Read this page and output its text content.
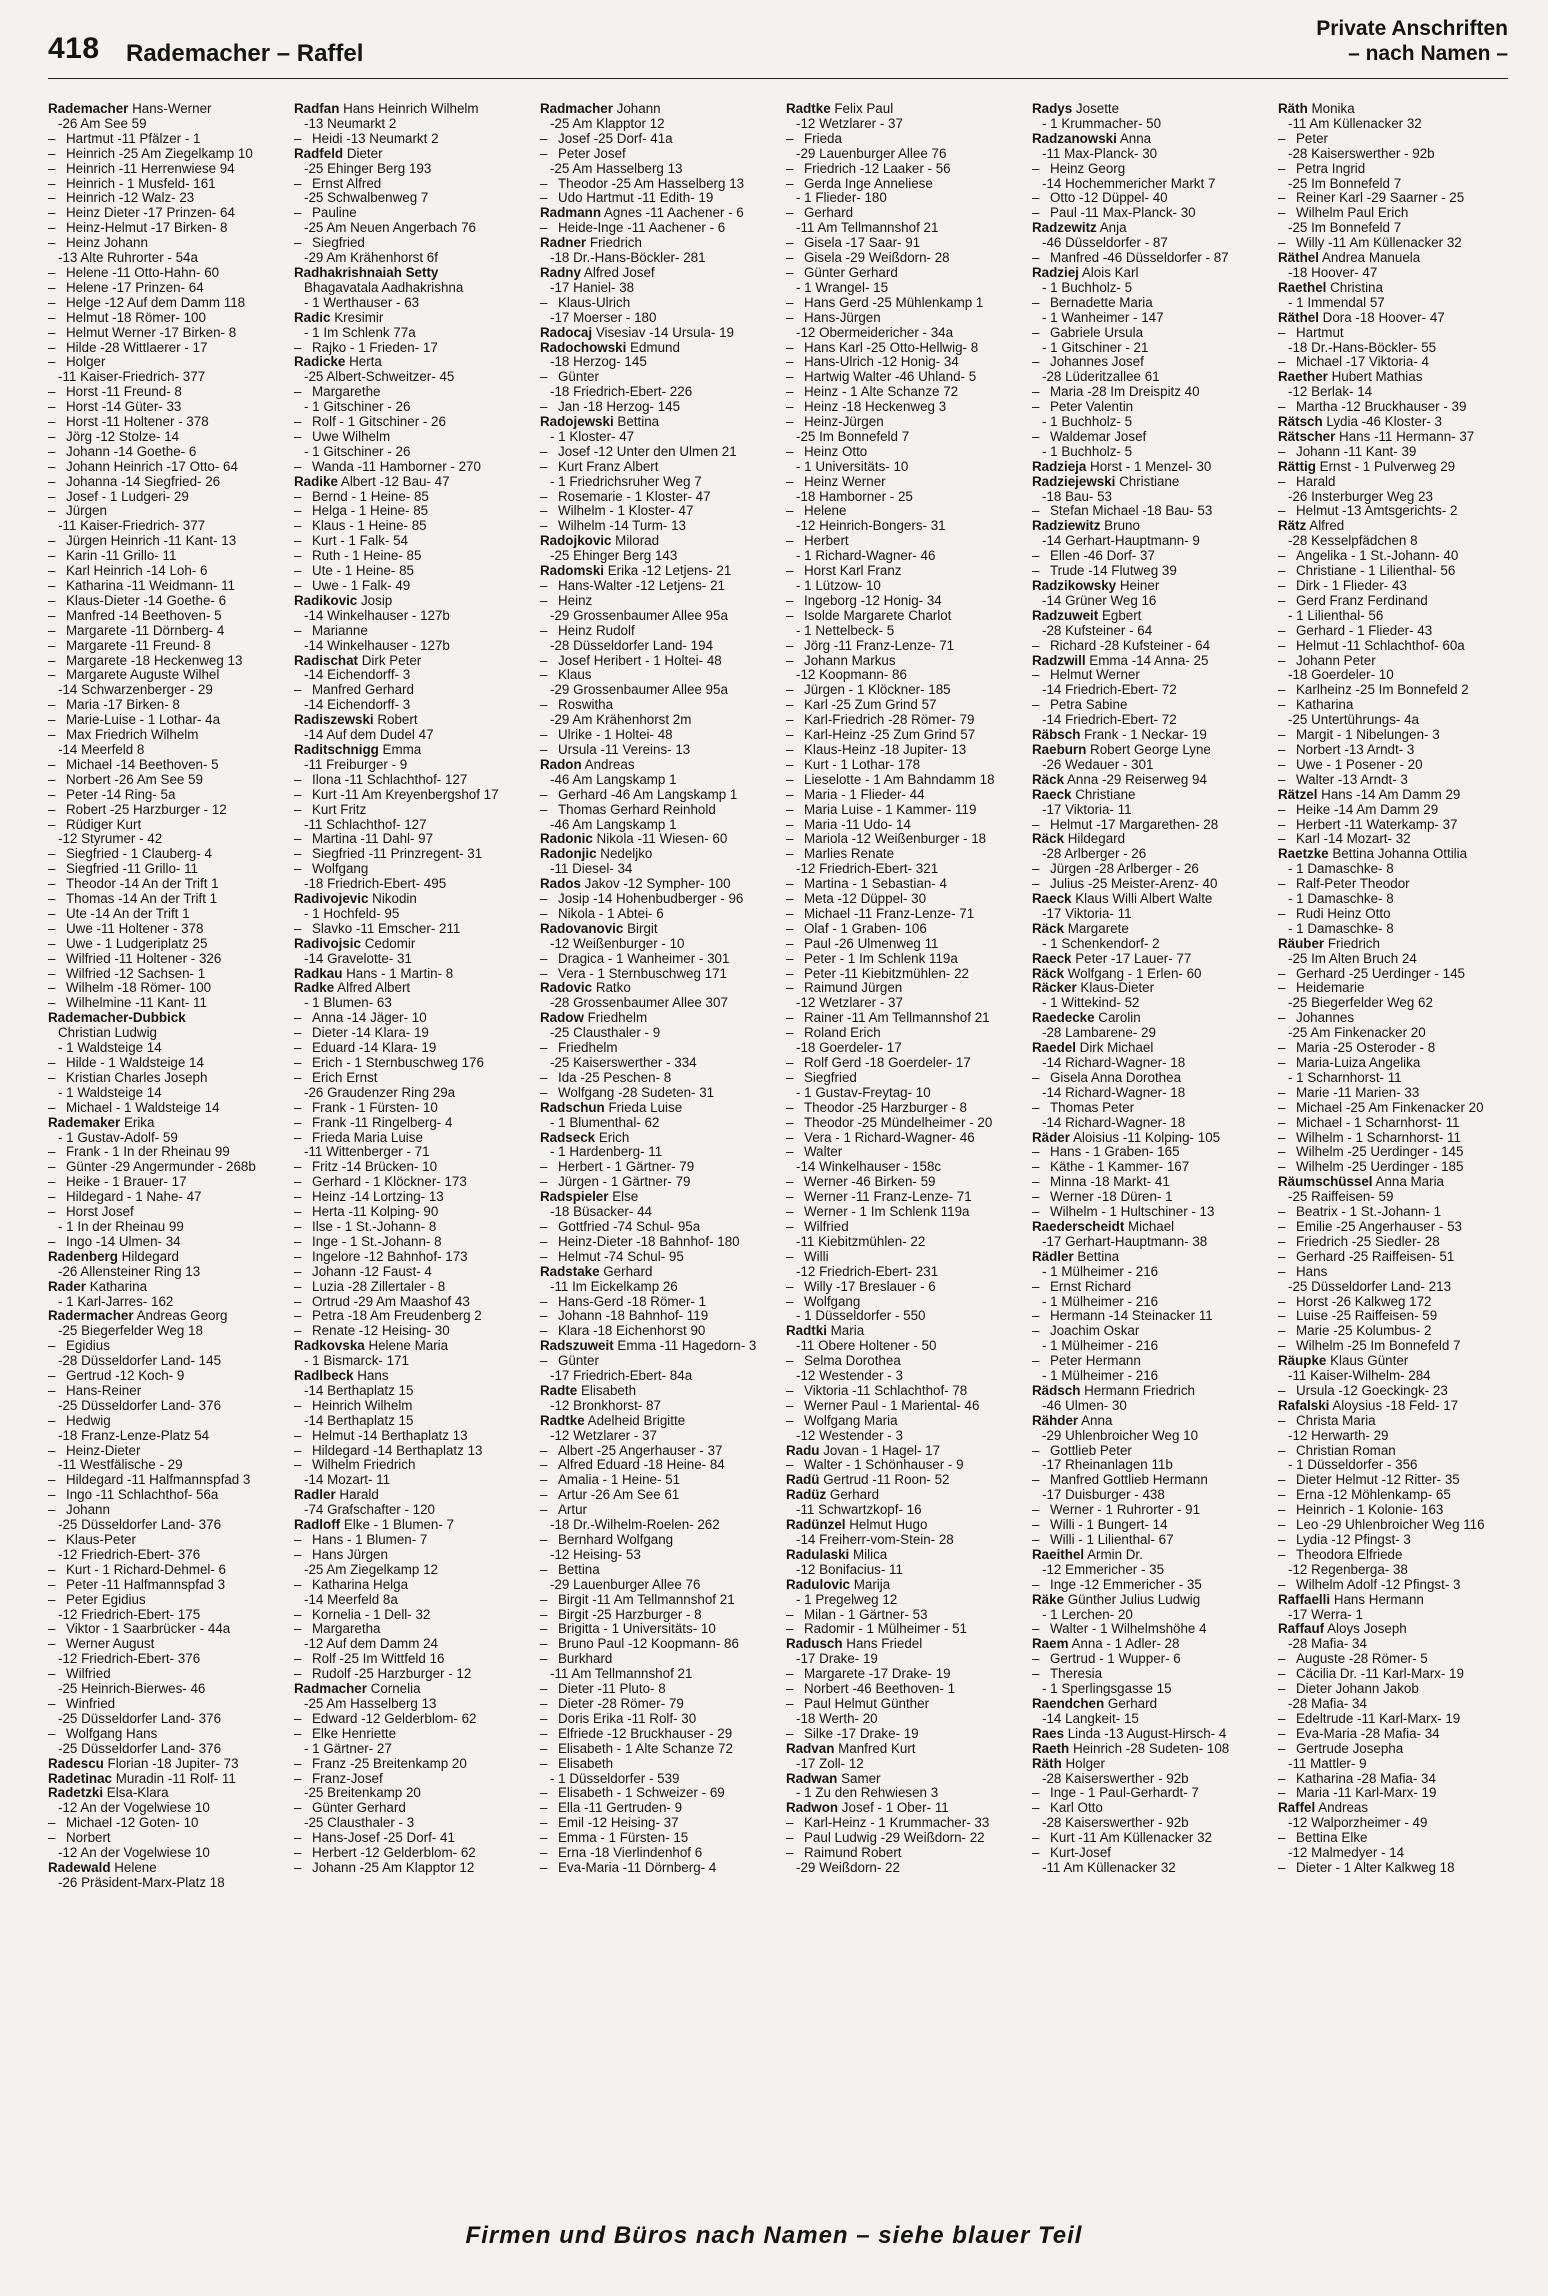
418 Rademacher – Raffel
Private Anschriften
– nach Namen –
Rademacher Hans-Werner
-26 Am See 59
– Hartmut -11 Pfälzer - 1
– Heinrich -25 Am Ziegelkamp 10
– Heinrich -11 Herrenwiese 94
– Heinrich - 1 Musfeld- 161
– Heinrich -12 Walz- 23
– Heinz Dieter -17 Prinzen- 64
– Heinz-Helmut -17 Birken- 8
– Heinz Johann
-13 Alte Ruhrorter - 54a
– Helene -11 Otto-Hahn- 60
– Helene -17 Prinzen- 64
– Helge -12 Auf dem Damm 118
– Helmut -18 Römer- 100
– Helmut Werner -17 Birken- 8
– Hilde -28 Wittlaerer - 17
– Holger
-11 Kaiser-Friedrich- 377
– Horst -11 Freund- 8
– Horst -14 Güter- 33
– Horst -11 Holtener - 378
– Jörg -12 Stolze- 14
– Johann -14 Goethe- 6
– Johann Heinrich -17 Otto- 64
– Johanna -14 Siegfried- 26
– Josef - 1 Ludgeri- 29
– Jürgen
-11 Kaiser-Friedrich- 377
– Jürgen Heinrich -11 Kant- 13
– Karin -11 Grillo- 11
– Karl Heinrich -14 Loh- 6
– Katharina -11 Weidmann- 11
– Klaus-Dieter -14 Goethe- 6
– Manfred -14 Beethoven- 5
– Margarete -11 Dörnberg- 4
– Margarete -11 Freund- 8
– Margarete -18 Heckenweg 13
– Margarete Auguste Wilhel
-14 Schwarzenberger - 29
– Maria -17 Birken- 8
– Marie-Luise - 1 Lothar- 4a
– Max Friedrich Wilhelm
-14 Meerfeld 8
– Michael -14 Beethoven- 5
– Norbert -26 Am See 59
– Peter -14 Ring- 5a
– Robert -25 Harzburger - 12
– Rüdiger Kurt
-12 Styrumer - 42
– Siegfried - 1 Clauberg- 4
– Siegfried -11 Grillo- 11
– Theodor -14 An der Trift 1
– Thomas -14 An der Trift 1
– Ute -14 An der Trift 1
– Uwe -11 Holtener - 378
– Uwe - 1 Ludgeriplatz 25
– Wilfried -11 Holtener - 326
– Wilfried -12 Sachsen- 1
– Wilhelm -18 Römer- 100
– Wilhelmine -11 Kant- 11
Rademacher-Dubbick
Christian Ludwig
- 1 Waldsteige 14
– Hilde - 1 Waldsteige 14
– Kristian Charles Joseph
- 1 Waldsteige 14
– Michael - 1 Waldsteige 14
Rademaker Erika
- 1 Gustav-Adolf- 59
– Frank - 1 In der Rheinau 99
– Günter -29 Angermunder - 268b
– Heike - 1 Brauer- 17
– Hildegard - 1 Nahe- 47
– Horst Josef
- 1 In der Rheinau 99
– Ingo -14 Ulmen- 34
Radenberg Hildegard
-26 Allensteiner Ring 13
Rader Katharina
- 1 Karl-Jarres- 162
Radermacher Andreas Georg
-25 Biegerfelder Weg 18
– Egidius
-28 Düsseldorfer Land- 145
– Gertrud -12 Koch- 9
– Hans-Reiner
-25 Düsseldorfer Land- 376
– Hedwig
-18 Franz-Lenze-Platz 54
– Heinz-Dieter
-11 Westfälische - 29
– Hildegard -11 Halfmannspfad 3
– Ingo -11 Schlachthof- 56a
– Johann
-25 Düsseldorfer Land- 376
– Klaus-Peter
-12 Friedrich-Ebert- 376
– Kurt - 1 Richard-Dehmel- 6
– Peter -11 Halfmannspfad 3
– Peter Egidius
-12 Friedrich-Ebert- 175
– Viktor - 1 Saarbrücker - 44a
– Werner August
-12 Friedrich-Ebert- 376
– Wilfried
-25 Heinrich-Bierwes- 46
– Winfried
-25 Düsseldorfer Land- 376
– Wolfgang Hans
-25 Düsseldorfer Land- 376
Radescu Florian -18 Jupiter- 73
Radetinac Muradin -11 Rolf- 11
Radetzki Elsa-Klara
-12 An der Vogelwiese 10
– Michael -12 Goten- 10
– Norbert
-12 An der Vogelwiese 10
Radewald Helene
-26 Präsident-Marx-Platz 18
Radfan Hans Heinrich Wilhelm
-13 Neumarkt 2
– Heidi -13 Neumarkt 2
Radfeld Dieter
-25 Ehinger Berg 193
– Ernst Alfred
-25 Schwalbenweg 7
– Pauline
-25 Am Neuen Angerbach 76
– Siegfried
-29 Am Krähenhorst 6f
Radhakrishnaiah Setty
Bhagavatala Aadhakrishna
- 1 Werthauser - 63
Radic Kresimir
- 1 Im Schlenk 77a
– Rajko - 1 Frieden- 17
Radicke Herta
-25 Albert-Schweitzer- 45
– Margarethe
- 1 Gitschiner - 26
– Rolf - 1 Gitschiner - 26
– Uwe Wilhelm
- 1 Gitschiner - 26
– Wanda -11 Hamborner - 270
Radike Albert -12 Bau- 47
– Bernd - 1 Heine- 85
– Helga - 1 Heine- 85
– Klaus - 1 Heine- 85
– Kurt - 1 Falk- 54
– Ruth - 1 Heine- 85
– Ute - 1 Heine- 85
– Uwe - 1 Falk- 49
Radikovic Josip
-14 Winkelhauser - 127b
– Marianne
-14 Winkelhauser - 127b
Radischat Dirk Peter
-14 Eichendorff- 3
– Manfred Gerhard
-14 Eichendorff- 3
Radiszewski Robert
-14 Auf dem Dudel 47
Raditschnigg Emma
-11 Freiburger - 9
– Ilona -11 Schlachthof- 127
– Kurt -11 Am Kreyenbergshof 17
– Kurt Fritz
-11 Schlachthof- 127
– Martina -11 Dahl- 97
– Siegfried -11 Prinzregent- 31
– Wolfgang
-18 Friedrich-Ebert- 495
Radivojevic Nikodin
- 1 Hochfeld- 95
– Slavko -11 Emscher- 211
Radivojsic Cedomir
-14 Gravelotte- 31
Radkau Hans - 1 Martin- 8
Radke Alfred Albert
- 1 Blumen- 63
– Anna -14 Jäger- 10
– Dieter -14 Klara- 19
– Eduard -14 Klara- 19
– Erich - 1 Sternbuschweg 176
– Erich Ernst
-26 Graudenzer Ring 29a
– Frank - 1 Fürsten- 10
– Frank -11 Ringelberg- 4
– Frieda Maria Luise
-11 Wittenberger - 71
– Fritz -14 Brücken- 10
– Gerhard - 1 Klöckner- 173
– Heinz -14 Lortzing- 13
– Herta -11 Kolping- 90
– Ilse - 1 St.-Johann- 8
– Inge - 1 St.-Johann- 8
– Ingelore -12 Bahnhof- 173
– Johann -12 Faust- 4
– Luzia -28 Zillertaler - 8
– Ortrud -29 Am Maashof 43
– Petra -18 Am Freudenberg 2
– Renate -12 Heising- 30
Radkovska Helene Maria
- 1 Bismarck- 171
Radlbeck Hans
-14 Berthaplatz 15
– Heinrich Wilhelm
-14 Berthaplatz 15
– Helmut -14 Berthaplatz 13
– Hildegard -14 Berthaplatz 13
– Wilhelm Friedrich
-14 Mozart- 11
Radler Harald
-74 Grafschafter - 120
Radloff Elke - 1 Blumen- 7
– Hans - 1 Blumen- 7
– Hans Jürgen
-25 Am Ziegelkamp 12
– Katharina Helga
-14 Meerfeld 8a
– Kornelia - 1 Dell- 32
– Margaretha
-12 Auf dem Damm 24
– Rolf -25 Im Wittfeld 16
– Rudolf -25 Harzburger - 12
Radmacher Cornelia
-25 Am Hasselberg 13
– Edward -12 Gelderblom- 62
– Elke Henriette
- 1 Gärtner- 27
– Franz -25 Breitenkamp 20
– Franz-Josef
-25 Breitenkamp 20
– Günter Gerhard
-25 Clausthaler - 3
– Hans-Josef -25 Dorf- 41
– Herbert -12 Gelderblom- 62
– Johann -25 Am Klapptor 12
Radmacher Johann
-25 Am Klapptor 12
– Josef -25 Dorf- 41a
– Peter Josef
-25 Am Hasselberg 13
– Theodor -25 Am Hasselberg 13
– Udo Hartmut -11 Edith- 19
Radmann Agnes -11 Aachener - 6
– Heide-Inge -11 Aachener - 6
Radner Friedrich
-18 Dr.-Hans-Böckler- 281
Radny Alfred Josef
-17 Haniel- 38
– Klaus-Ulrich
-17 Moerser - 180
Radocaj Visesiav -14 Ursula- 19
Radochowski Edmund
-18 Herzog- 145
– Günter
-18 Friedrich-Ebert- 226
– Jan -18 Herzog- 145
Radojewski Bettina
- 1 Kloster- 47
– Josef -12 Unter den Ulmen 21
– Kurt Franz Albert
- 1 Friedrichsruher Weg 7
– Rosemarie - 1 Kloster- 47
– Wilhelm - 1 Kloster- 47
– Wilhelm -14 Turm- 13
Radojkovic Milorad
-25 Ehinger Berg 143
Radomski Erika -12 Letjens- 21
– Hans-Walter -12 Letjens- 21
– Heinz
-29 Grossenbaumer Allee 95a
– Heinz Rudolf
-28 Düsseldorfer Land- 194
– Josef Heribert - 1 Holtei- 48
– Klaus
-29 Grossenbaumer Allee 95a
– Roswitha
-29 Am Krähenhorst 2m
– Ulrike - 1 Holtei- 48
– Ursula -11 Vereins- 13
Radon Andreas
-46 Am Langskamp 1
– Gerhard -46 Am Langskamp 1
– Thomas Gerhard Reinhold
-46 Am Langskamp 1
Radonic Nikola -11 Wiesen- 60
Radonjic Nedeljko
-11 Diesel- 34
Rados Jakov -12 Sympher- 100
– Josip -14 Hohenbudberger - 96
– Nikola - 1 Abtei- 6
Radovanovic Birgit
-12 Weißenburger - 10
– Dragica - 1 Wanheimer - 301
– Vera - 1 Sternbuschweg 171
Radovic Ratko
-28 Grossenbaumer Allee 307
Radow Friedhelm
-25 Clausthaler - 9
– Friedhelm
-25 Kaiserswerther - 334
– Ida -25 Peschen- 8
– Wolfgang -28 Sudeten- 31
Radschun Frieda Luise
- 1 Blumenthal- 62
Radseck Erich
- 1 Hardenberg- 11
– Herbert - 1 Gärtner- 79
– Jürgen - 1 Gärtner- 79
Radspieler Else
-18 Büsacker- 44
– Gottfried -74 Schul- 95a
– Heinz-Dieter -18 Bahnhof- 180
– Helmut -74 Schul- 95
Radstake Gerhard
-11 Im Eickelkamp 26
– Hans-Gerd -18 Römer- 1
– Johann -18 Bahnhof- 119
– Klara -18 Eichenhorst 90
Radszuweit Emma -11 Hagedorn- 3
– Günter
-17 Friedrich-Ebert- 84a
Radte Elisabeth
-12 Bronkhorst- 87
Radtke Adelheid Brigitte
-12 Wetzlarer - 37
– Albert -25 Angerhauser - 37
– Alfred Eduard -18 Heine- 84
– Amalia - 1 Heine- 51
– Artur -26 Am See 61
– Artur
-18 Dr.-Wilhelm-Roelen- 262
– Bernhard Wolfgang
-12 Heising- 53
– Bettina
-29 Lauenburger Allee 76
– Birgit -11 Am Tellmannshof 21
– Birgit -25 Harzburger - 8
– Brigitta - 1 Universitäts- 10
– Bruno Paul -12 Koopmann- 86
– Burkhard
-11 Am Tellmannshof 21
– Dieter -11 Pluto- 8
– Dieter -28 Römer- 79
– Doris Erika -11 Rolf- 30
– Elfriede -12 Bruckhauser - 29
– Elisabeth - 1 Alte Schanze 72
– Elisabeth
- 1 Düsseldorfer - 539
– Elisabeth - 1 Schweizer - 69
– Ella -11 Gertruden- 9
– Emil -12 Heising- 37
– Emma - 1 Fürsten- 15
– Erna -18 Vierlindenhof 6
– Eva-Maria -11 Dörnberg- 4
Radtke Felix Paul
-12 Wetzlarer - 37
– Frieda
-29 Lauenburger Allee 76
– Friedrich -12 Laaker - 56
– Gerda Inge Anneliese
- 1 Flieder- 180
– Gerhard
-11 Am Tellmannshof 21
– Gisela -17 Saar- 91
– Gisela -29 Weißdorn- 28
– Günter Gerhard
- 1 Wrangel- 15
– Hans Gerd -25 Mühlenkamp 1
– Hans-Jürgen
-12 Obermeidericher - 34a
– Hans Karl -25 Otto-Hellwig- 8
– Hans-Ulrich -12 Honig- 34
– Hartwig Walter -46 Uhland- 5
– Heinz - 1 Alte Schanze 72
– Heinz -18 Heckenweg 3
– Heinz-Jürgen
-25 Im Bonnefeld 7
– Heinz Otto
- 1 Universitäts- 10
– Heinz Werner
-18 Hamborner - 25
– Helene
-12 Heinrich-Bongers- 31
– Herbert
- 1 Richard-Wagner- 46
– Horst Karl Franz
- 1 Lützow- 10
– Ingeborg -12 Honig- 34
– Isolde Margarete Charlot
- 1 Nettelbeck- 5
– Jörg -11 Franz-Lenze- 71
– Johann Markus
-12 Koopmann- 86
– Jürgen - 1 Klöckner- 185
– Karl -25 Zum Grind 57
– Karl-Friedrich -28 Römer- 79
– Karl-Heinz -25 Zum Grind 57
– Klaus-Heinz -18 Jupiter- 13
– Kurt - 1 Lothar- 178
– Lieselotte - 1 Am Bahndamm 18
– Maria - 1 Flieder- 44
– Maria Luise - 1 Kammer- 119
– Maria -11 Udo- 14
– Mariola -12 Weißenburger - 18
– Marlies Renate
-12 Friedrich-Ebert- 321
– Martina - 1 Sebastian- 4
– Meta -12 Düppel- 30
– Michael -11 Franz-Lenze- 71
– Olaf - 1 Graben- 106
– Paul -26 Ulmenweg 11
– Peter - 1 Im Schlenk 119a
– Peter -11 Kiebitzmühlen- 22
– Raimund Jürgen
-12 Wetzlarer - 37
– Rainer -11 Am Tellmannshof 21
– Roland Erich
-18 Goerdeler- 17
– Rolf Gerd -18 Goerdeler- 17
– Siegfried
- 1 Gustav-Freytag- 10
– Theodor -25 Harzburger - 8
– Theodor -25 Mündelheimer - 20
– Vera - 1 Richard-Wagner- 46
– Walter
-14 Winkelhauser - 158c
– Werner -46 Birken- 59
– Werner -11 Franz-Lenze- 71
– Werner - 1 Im Schlenk 119a
– Wilfried
-11 Kiebitzmühlen- 22
– Willi
-12 Friedrich-Ebert- 231
– Willy -17 Breslauer - 6
– Wolfgang
- 1 Düsseldorfer - 550
Radtki Maria
-11 Obere Holtener - 50
– Selma Dorothea
-12 Westender - 3
– Viktoria -11 Schlachthof- 78
– Werner Paul - 1 Mariental- 46
– Wolfgang Maria
-12 Westender - 3
Radu Jovan - 1 Hagel- 17
– Walter - 1 Schönhauser - 9
Radü Gertrud -11 Roon- 52
Radüz Gerhard
-11 Schwartzkopf- 16
Radünzel Helmut Hugo
-14 Freiherr-vom-Stein- 28
Radulaski Milica
-12 Bonifacius- 11
Radulovic Marija
- 1 Pregelweg 12
– Milan - 1 Gärtner- 53
– Radomir - 1 Mülheimer - 51
Radusch Hans Friedel
-17 Drake- 19
– Margarete -17 Drake- 19
– Norbert -46 Beethoven- 1
– Paul Helmut Günther
-18 Werth- 20
– Silke -17 Drake- 19
Radvan Manfred Kurt
-17 Zoll- 12
Radwan Samer
- 1 Zu den Rehwiesen 3
Radwon Josef - 1 Ober- 11
– Karl-Heinz - 1 Krummacher- 33
– Paul Ludwig -29 Weißdorn- 22
– Raimund Robert
-29 Weißdorn- 22
Radys Josette
- 1 Krummacher- 50
Radzanowski Anna
-11 Max-Planck- 30
– Heinz Georg
-14 Hochemmericher Markt 7
– Otto -12 Düppel- 40
– Paul -11 Max-Planck- 30
Radzewitz Anja
-46 Düsseldorfer - 87
– Manfred -46 Düsseldorfer - 87
Radziej Alois Karl
- 1 Buchholz- 5
– Bernadette Maria
- 1 Wanheimer - 147
– Gabriele Ursula
- 1 Gitschiner - 21
– Johannes Josef
-28 Lüderitzallee 61
– Maria -28 Im Dreispitz 40
– Peter Valentin
- 1 Buchholz- 5
– Waldemar Josef
- 1 Buchholz- 5
Radzieja Horst - 1 Menzel- 30
Radziejewski Christiane
-18 Bau- 53
– Stefan Michael -18 Bau- 53
Radziewitz Bruno
-14 Gerhart-Hauptmann- 9
– Ellen -46 Dorf- 37
– Trude -14 Flutweg 39
Radzikowsky Heiner
-14 Grüner Weg 16
Radzuweit Egbert
-28 Kufsteiner - 64
– Richard -28 Kufsteiner - 64
Radzwill Emma -14 Anna- 25
– Helmut Werner
-14 Friedrich-Ebert- 72
– Petra Sabine
-14 Friedrich-Ebert- 72
Räbsch Frank - 1 Neckar- 19
Raeburn Robert George Lyne
-26 Wedauer - 301
Räck Anna -29 Reiserweg 94
Raeck Christiane
-17 Viktoria- 11
– Helmut -17 Margarethen- 28
Räck Hildegard
-28 Arlberger - 26
– Jürgen -28 Arlberger - 26
– Julius -25 Meister-Arenz- 40
Raeck Klaus Willi Albert Walte
-17 Viktoria- 11
Räck Margarete
- 1 Schenkendorf- 2
Raeck Peter -17 Lauer- 77
Räck Wolfgang - 1 Erlen- 60
Räcker Klaus-Dieter
- 1 Wittekind- 52
Raedecke Carolin
-28 Lambarene- 29
Raedel Dirk Michael
-14 Richard-Wagner- 18
– Gisela Anna Dorothea
-14 Richard-Wagner- 18
– Thomas Peter
-14 Richard-Wagner- 18
Räder Aloisius -11 Kolping- 105
– Hans - 1 Graben- 165
– Käthe - 1 Kammer- 167
– Minna -18 Markt- 41
– Werner -18 Düren- 1
– Wilhelm - 1 Hultschiner - 13
Raederscheidt Michael
-17 Gerhart-Hauptmann- 38
Rädler Bettina
- 1 Mülheimer - 216
– Ernst Richard
- 1 Mülheimer - 216
– Hermann -14 Steinacker 11
– Joachim Oskar
- 1 Mülheimer - 216
– Peter Hermann
- 1 Mülheimer - 216
Rädsch Hermann Friedrich
-46 Ulmen- 30
Rähder Anna
-29 Uhlenbroicher Weg 10
– Gottlieb Peter
-17 Rheinanlagen 11b
– Manfred Gottlieb Hermann
-17 Duisburger - 438
– Werner - 1 Ruhrorter - 91
– Willi - 1 Bungert- 14
– Willi - 1 Lilienthal- 67
Raeithel Armin Dr.
-12 Emmericher - 35
– Inge -12 Emmericher - 35
Räke Günther Julius Ludwig
- 1 Lerchen- 20
– Walter - 1 Wilhelmshöhe 4
Raem Anna - 1 Adler- 28
– Gertrud - 1 Wupper- 6
– Theresia
- 1 Sperlingsgasse 15
Raendchen Gerhard
-14 Langkeit- 15
Raes Linda -13 August-Hirsch- 4
Raeth Heinrich -28 Sudeten- 108
Räth Holger
-28 Kaiserswerther - 92b
– Inge - 1 Paul-Gerhardt- 7
– Karl Otto
-28 Kaiserswerther - 92b
– Kurt -11 Am Küllenacker 32
– Kurt-Josef
-11 Am Küllenacker 32
Räth Monika
-11 Am Küllenacker 32
– Peter
-28 Kaiserswerther - 92b
– Petra Ingrid
-25 Im Bonnefeld 7
– Reiner Karl -29 Saarner - 25
– Wilhelm Paul Erich
-25 Im Bonnefeld 7
– Willy -11 Am Küllenacker 32
Räthel Andrea Manuela
-18 Hoover- 47
Raethel Christina
- 1 Immendal 57
Räthel Dora -18 Hoover- 47
– Hartmut
-18 Dr.-Hans-Böckler- 55
– Michael -17 Viktoria- 4
Raether Hubert Mathias
-12 Berlak- 14
– Martha -12 Bruckhauser - 39
Rätsch Lydia -46 Kloster- 3
Rätscher Hans -11 Hermann- 37
– Johann -11 Kant- 39
Rättig Ernst - 1 Pulverweg 29
– Harald
-26 Insterburger Weg 23
– Helmut -13 Amtsgerichts- 2
Rätz Alfred
-28 Kesselpfädchen 8
– Angelika - 1 St.-Johann- 40
– Christiane - 1 Lilienthal- 56
– Dirk - 1 Flieder- 43
– Gerd Franz Ferdinand
- 1 Lilienthal- 56
– Gerhard - 1 Flieder- 43
– Helmut -11 Schlachthof- 60a
– Johann Peter
-18 Goerdeler- 10
– Karlheinz -25 Im Bonnefeld 2
– Katharina
-25 Untertührungs- 4a
– Margit - 1 Nibelungen- 3
– Norbert -13 Arndt- 3
– Uwe - 1 Posener - 20
– Walter -13 Arndt- 3
Rätzel Hans -14 Am Damm 29
– Heike -14 Am Damm 29
– Herbert -11 Waterkamp- 37
– Karl -14 Mozart- 32
Raetzke Bettina Johanna Ottilia
- 1 Damaschke- 8
– Ralf-Peter Theodor
- 1 Damaschke- 8
– Rudi Heinz Otto
- 1 Damaschke- 8
Räuber Friedrich
-25 Im Alten Bruch 24
– Gerhard -25 Uerdinger - 145
– Heidemarie
-25 Biegerfelder Weg 62
– Johannes
-25 Am Finkenacker 20
– Maria -25 Osteroder - 8
– Maria-Luiza Angelika
- 1 Scharnhorst- 11
– Marie -11 Marien- 33
– Michael -25 Am Finkenacker 20
– Michael - 1 Scharnhorst- 11
– Wilhelm - 1 Scharnhorst- 11
– Wilhelm -25 Uerdinger - 145
– Wilhelm -25 Uerdinger - 185
Räumschüssel Anna Maria
-25 Raiffeisen- 59
– Beatrix - 1 St.-Johann- 1
– Emilie -25 Angerhauser - 53
– Friedrich -25 Siedler- 28
– Gerhard -25 Raiffeisen- 51
– Hans
-25 Düsseldorfer Land- 213
– Horst -26 Kalkweg 172
– Luise -25 Raiffeisen- 59
– Marie -25 Kolumbus- 2
– Wilhelm -25 Im Bonnefeld 7
Räupke Klaus Günter
-11 Kaiser-Wilhelm- 284
– Ursula -12 Goeckingk- 23
Rafalski Aloysius -18 Feld- 17
– Christa Maria
-12 Herwarth- 29
– Christian Roman
- 1 Düsseldorfer - 356
– Dieter Helmut -12 Ritter- 35
– Erna -12 Möhlenkamp- 65
– Heinrich - 1 Kolonie- 163
– Leo -29 Uhlenbroicher Weg 116
– Lydia -12 Pfingst- 3
– Theodora Elfriede
-12 Regenberga- 38
– Wilhelm Adolf -12 Pfingst- 3
Raffaelli Hans Hermann
-17 Werra- 1
Raffauf Aloys Joseph
-28 Mafia- 34
– Auguste -28 Römer- 5
– Cäcilia Dr. -11 Karl-Marx- 19
– Dieter Johann Jakob
-28 Mafia- 34
– Edeltrude -11 Karl-Marx- 19
– Eva-Maria -28 Mafia- 34
– Gertrude Josepha
-11 Mattler- 9
– Katharina -28 Mafia- 34
– Maria -11 Karl-Marx- 19
Raffel Andreas
-12 Walporzheimer - 49
– Bettina Elke
-12 Malmedyer - 14
– Dieter - 1 Alter Kalkweg 18
Firmen und Büros nach Namen – siehe blauer Teil
